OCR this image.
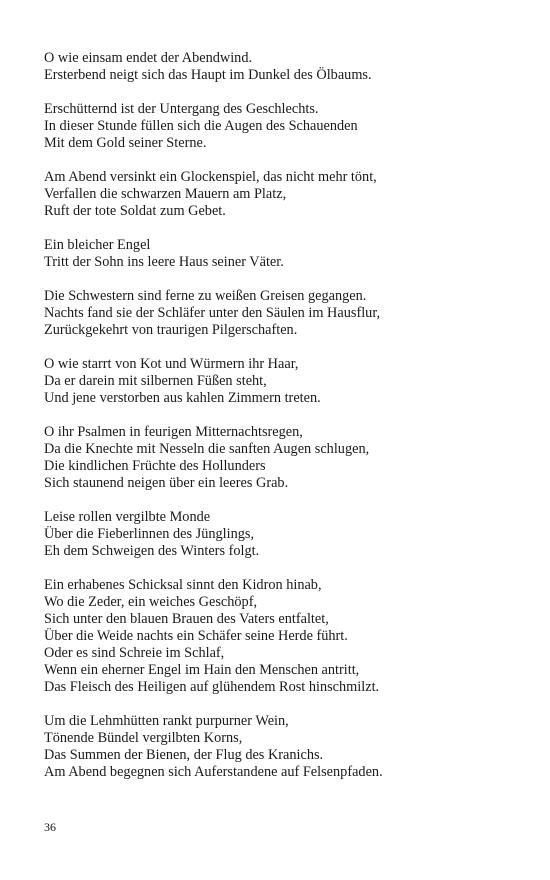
O wie einsam endet der Abendwind.
Ersterbend neigt sich das Haupt im Dunkel des Ölbaums.
Erschütternd ist der Untergang des Geschlechts.
In dieser Stunde füllen sich die Augen des Schauenden
Mit dem Gold seiner Sterne.
Am Abend versinkt ein Glockenspiel, das nicht mehr tönt,
Verfallen die schwarzen Mauern am Platz,
Ruft der tote Soldat zum Gebet.
Ein bleicher Engel
Tritt der Sohn ins leere Haus seiner Väter.
Die Schwestern sind ferne zu weißen Greisen gegangen.
Nachts fand sie der Schläfer unter den Säulen im Hausflur,
Zurückgekehrt von traurigen Pilgerschaften.
O wie starrt von Kot und Würmern ihr Haar,
Da er darein mit silbernen Füßen steht,
Und jene verstorben aus kahlen Zimmern treten.
O ihr Psalmen in feurigen Mitternachtsregen,
Da die Knechte mit Nesseln die sanften Augen schlugen,
Die kindlichen Früchte des Hollunders
Sich staunend neigen über ein leeres Grab.
Leise rollen vergilbte Monde
Über die Fieberlinnen des Jünglings,
Eh dem Schweigen des Winters folgt.
Ein erhabenes Schicksal sinnt den Kidron hinab,
Wo die Zeder, ein weiches Geschöpf,
Sich unter den blauen Brauen des Vaters entfaltet,
Über die Weide nachts ein Schäfer seine Herde führt.
Oder es sind Schreie im Schlaf,
Wenn ein eherner Engel im Hain den Menschen antritt,
Das Fleisch des Heiligen auf glühendem Rost hinschmilzt.
Um die Lehmhütten rankt purpurner Wein,
Tönende Bündel vergilbten Korns,
Das Summen der Bienen, der Flug des Kranichs.
Am Abend begegnen sich Auferstandene auf Felsenpfaden.
36
